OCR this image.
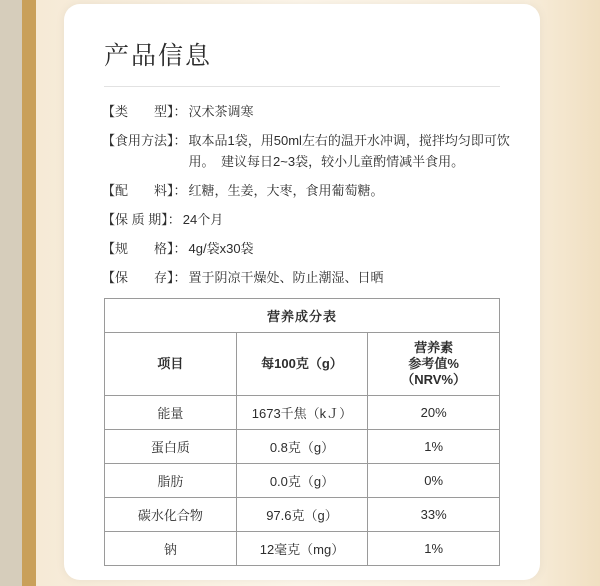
产品信息
【类　　型】： 汉术茶调寒
【食用方法】： 取本品1袋，用50ml左右的温开水冲调，搅拌均匀即可饮用。　建议每日2~3袋，较小儿童酌情减半食用。
【配　　料】： 红糖，生姜，大枣，食用葡萄糖。
【保 质 期】： 24个月
【规　　格】： 4g/袋x30袋
【保　　存】： 置于阴凉干燥处、防止潮湿、日晒
营养成分表		
项目	每100克（g）	营养素
参考值%
（NRV%）

能量	1673千焦（kＪ）	20%
蛋白质	0.8克（g）	1%
脂肪	0.0克（g）	0%
碳水化合物	97.6克（g）	33%
钠	12毫克（mg）	1%
